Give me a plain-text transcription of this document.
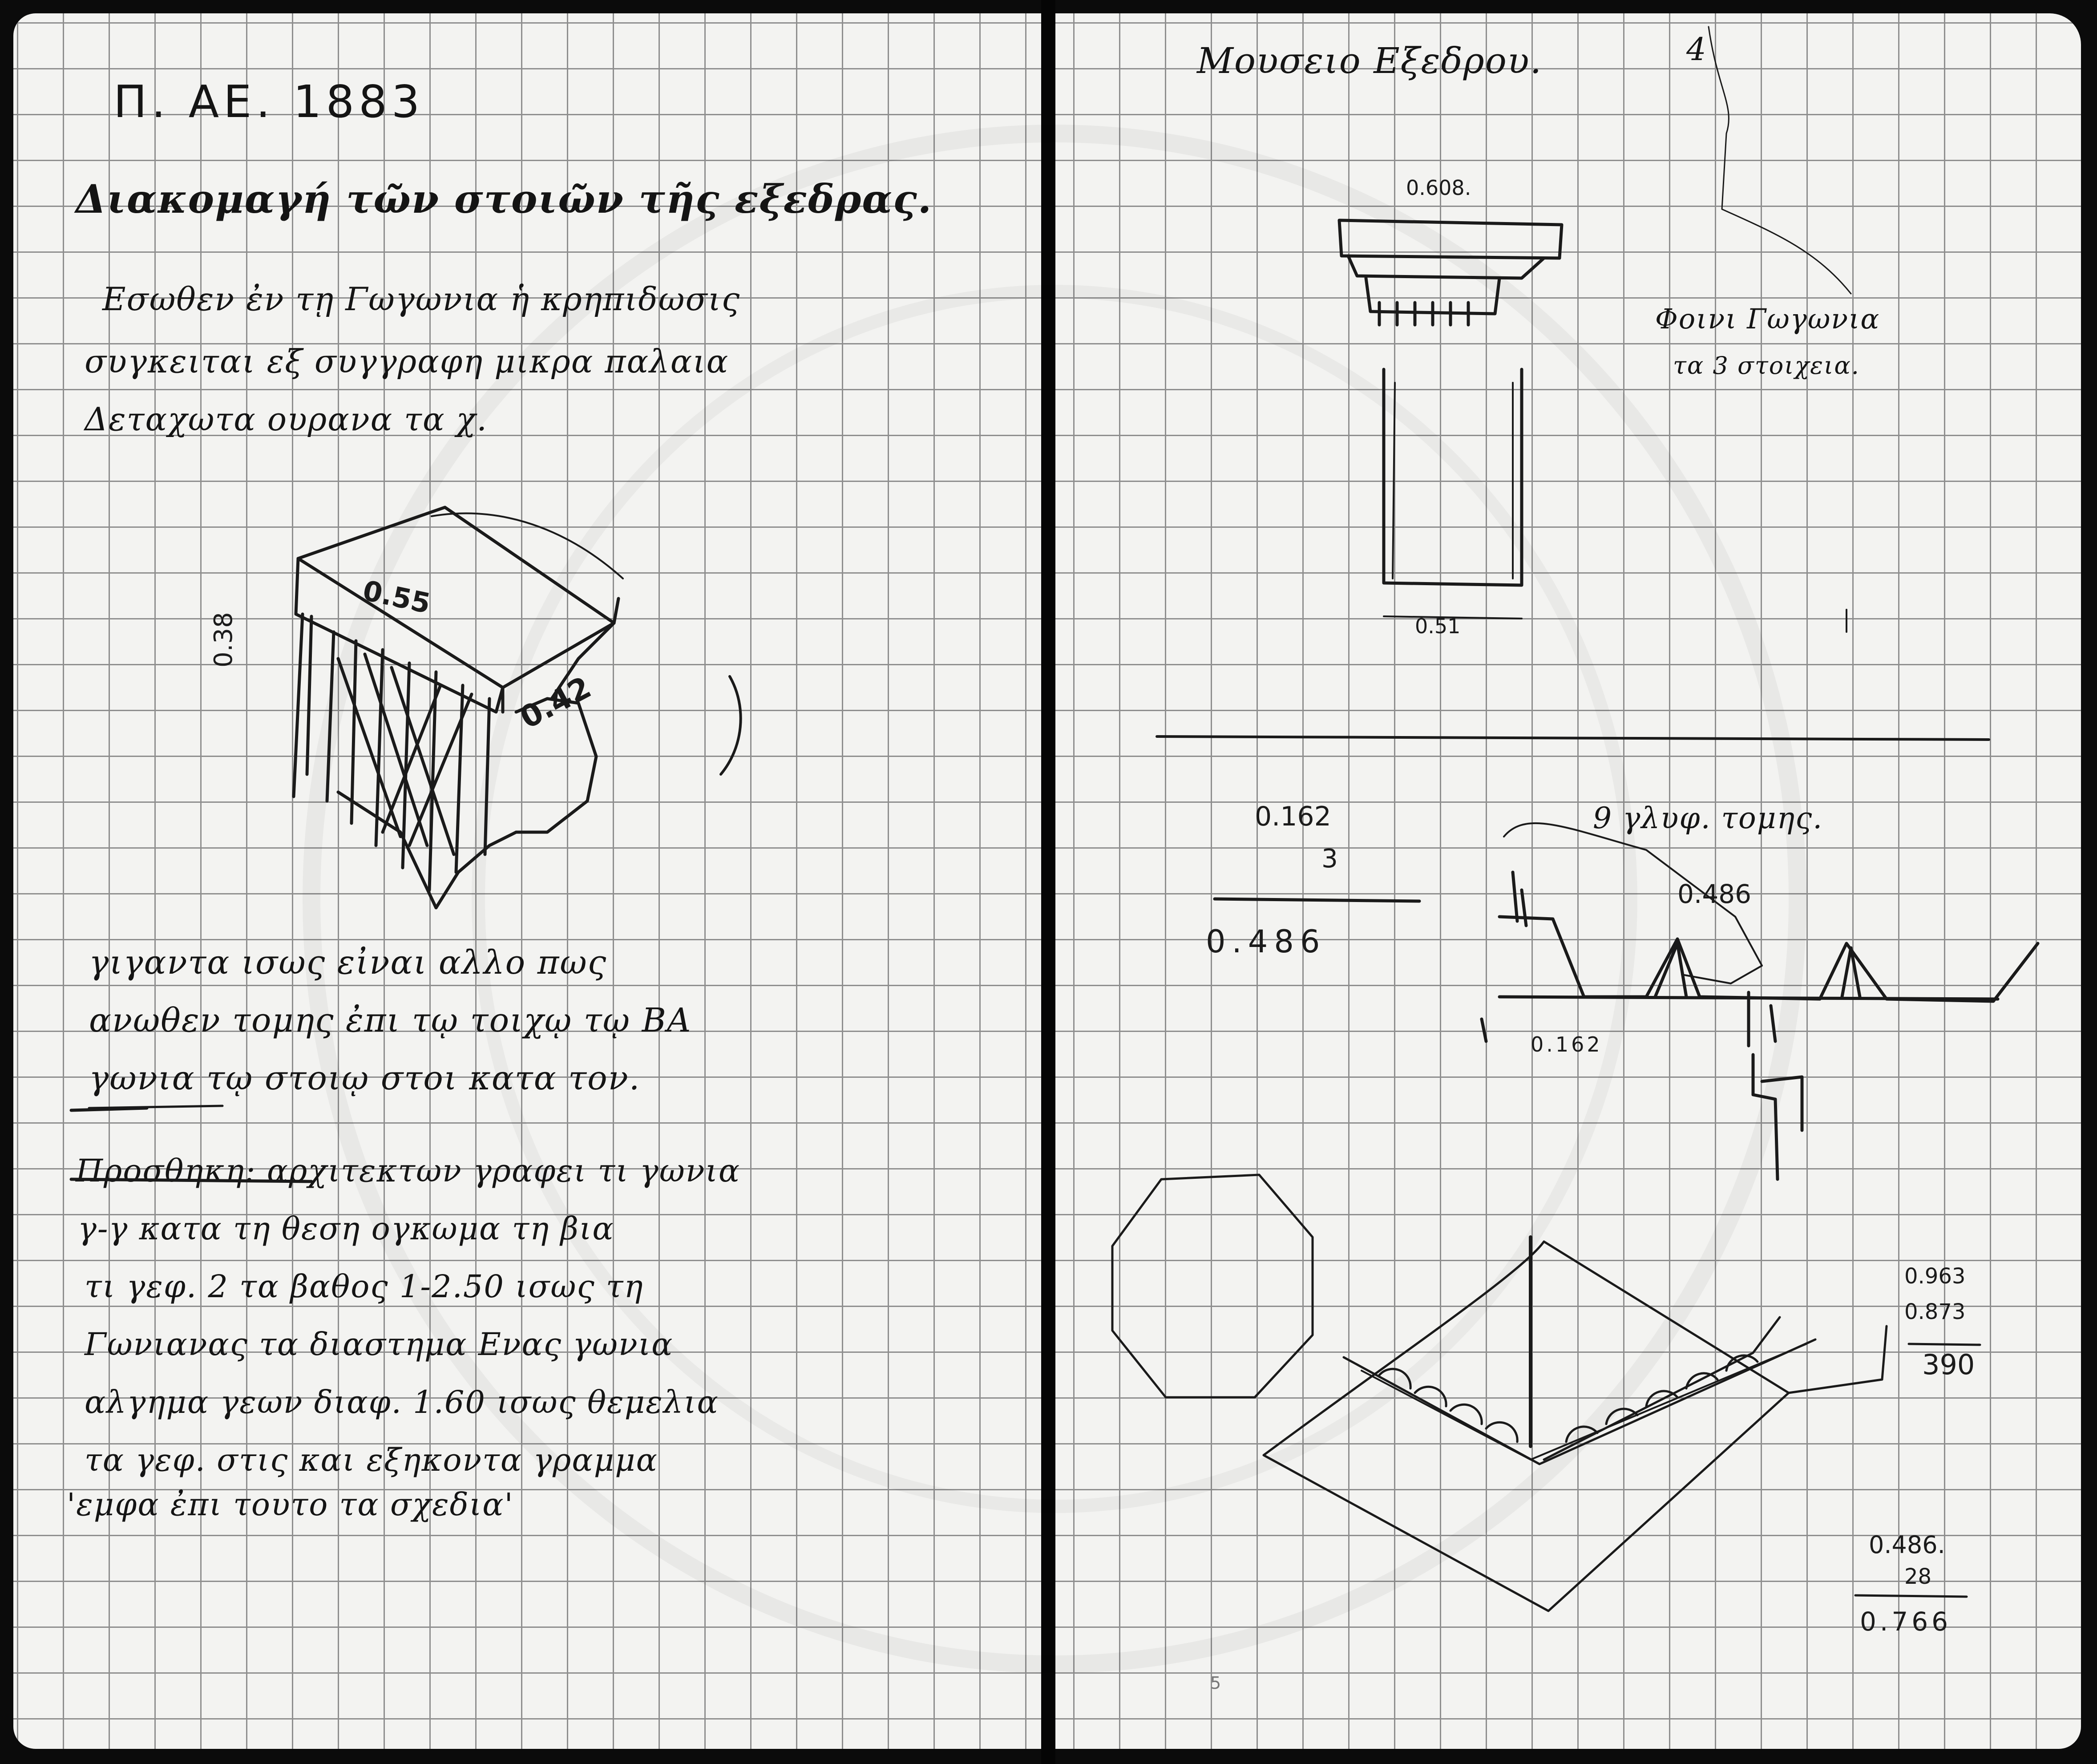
Π. ΑΕ. 1883
Διακομαγή τῶν στοιῶν τῆς εξεδρας.
Εσωθεν ἐν τῃ Γωγωνια ἡ κρηπιδωσις
συγκειται εξ συγγραφη μικρα παλαια
Δεταχωτα ουρανα τα χ.
0.55
0.38
0.42
γιγαντα ισως εἰναι αλλο πως
ανωθεν τομης ἐπι τῳ τοιχῳ τῳ ΒΑ
γωνια τῳ στοιῳ στοι κατα τον.
Προσθηκη: αρχιτεκτων γραφει τι γωνια
γ-γ κατα τη θεση ογκωμα τη βια
τι γεφ. 2 τα βαθος 1-2.50 ισως τη
Γωνιανας τα διαστημα Ενας γωνια
αλγημα γεων διαφ. 1.60 ισως θεμελια
τα γεφ. στις και εξηκοντα γραμμα
'εμφα ἐπι τουτο τα σχεδια'
Μουσειο Εξεδρου.	4
0.608.
0.51
Φοινι Γωγωνια
τα 3 στοιχεια.
0.162
3
0.486
9 γλυφ. τομης.
0.486
0.162
0.963
0.873
390
0.486.
28
0.766
5
